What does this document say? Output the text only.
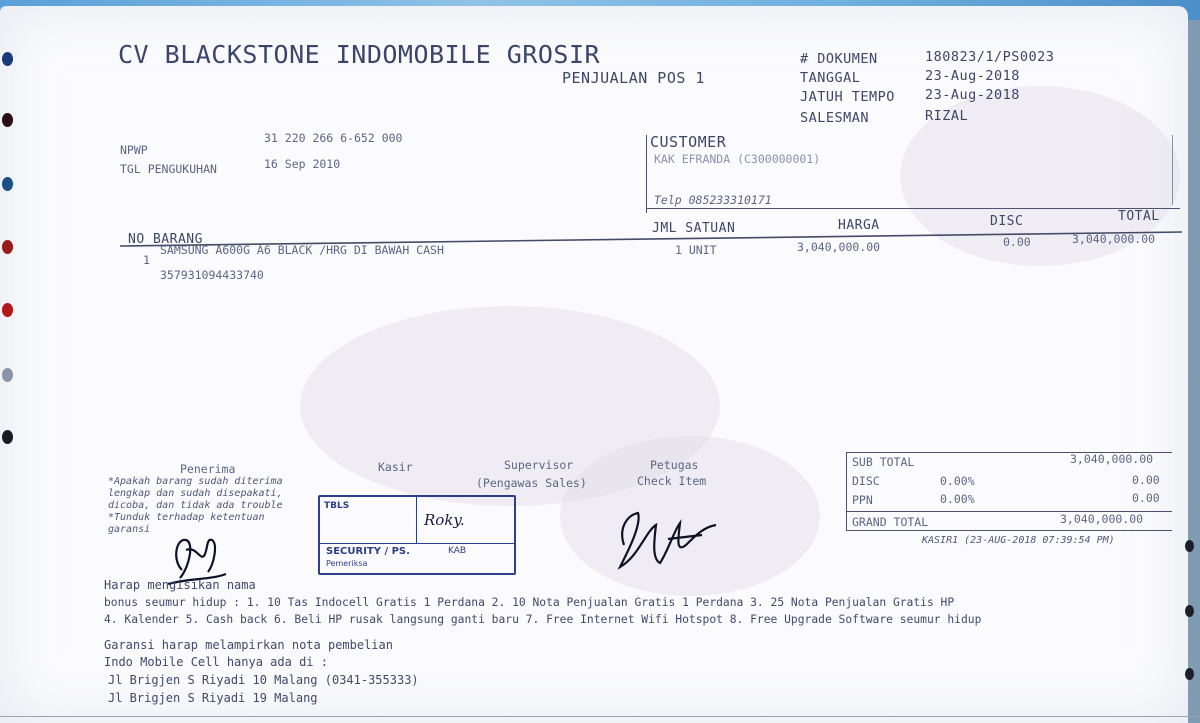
CV BLACKSTONE INDOMOBILE GROSIR
PENJUALAN POS 1
# DOKUMEN	180823/1/PS0023
TANGGAL	23-Aug-2018
JATUH TEMPO 23-Aug-2018
SALESMAN	RIZAL
NPWP
31 220 266 6-652 000
TGL PENGUKUHAN	16 Sep 2010
CUSTOMER
KAK EFRANDA (C300000001)
Telp 085233310171
NO BARANG
JML SATUAN	HARGA	DISC	TOTAL
1
SAMSUNG A600G A6 BLACK /HRG DI BAWAH CASH
357931094433740
1 UNIT	3,040,000.00	0.00	3,040,000.00
Penerima
*Apakah barang sudah diterima
lengkap dan sudah disepakati,
dicoba, dan tidak ada trouble
*Tunduk terhadap ketentuan
garansi
Kasir	Supervisor
(Pengawas Sales)
Petugas
Check Item
TBLS
Roky.
SECURITY / PS.	KAB
Pemeriksa
SUB TOTAL	3,040,000.00
DISC	0.00%	0.00
PPN	0.00%	0.00
GRAND TOTAL	3,040,000.00
KASIR1 (23-AUG-2018 07:39:54 PM)
Harap mengisikan nama
bonus seumur hidup : 1. 10 Tas Indocell Gratis 1 Perdana 2. 10 Nota Penjualan Gratis 1 Perdana 3. 25 Nota Penjualan Gratis HP
4. Kalender 5. Cash back 6. Beli HP rusak langsung ganti baru 7. Free Internet Wifi Hotspot 8. Free Upgrade Software seumur hidup
Garansi harap melampirkan nota pembelian
Indo Mobile Cell hanya ada di :
Jl Brigjen S Riyadi 10 Malang (0341-355333)
Jl Brigjen S Riyadi 19 Malang
